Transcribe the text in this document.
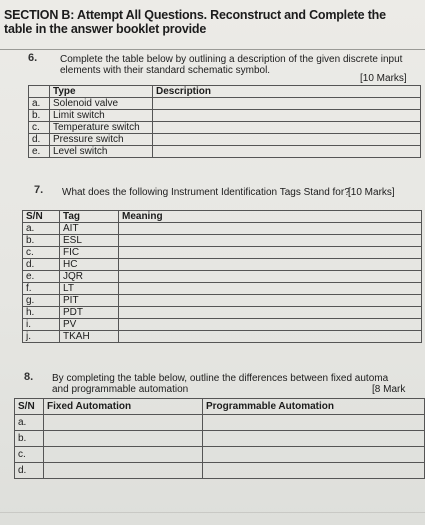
SECTION B: Attempt All Questions. Reconstruct and Complete the
table in the answer booklet provide
6. Complete the table below by outlining a description of the given discrete input
elements with their standard schematic symbol.
[10 Marks]
	Type	Description
a.	Solenoid valve	
b.	Limit switch	
c.	Temperature switch	
d.	Pressure switch	
e.	Level switch	
7. What does the following Instrument Identification Tags Stand for?
[10 Marks]
S/N	Tag	Meaning
a.	AIT	
b.	ESL	
c.	FIC	
d.	HC	
e.	JQR	
f.	LT	
g.	PIT	
h.	PDT	
i.	PV	
j.	TKAH	
8. By completing the table below, outline the differences between fixed automa
and programmable automation	[8 Mark
S/N	Fixed Automation	Programmable Automation
a.		
b.		
c.		
d.		
